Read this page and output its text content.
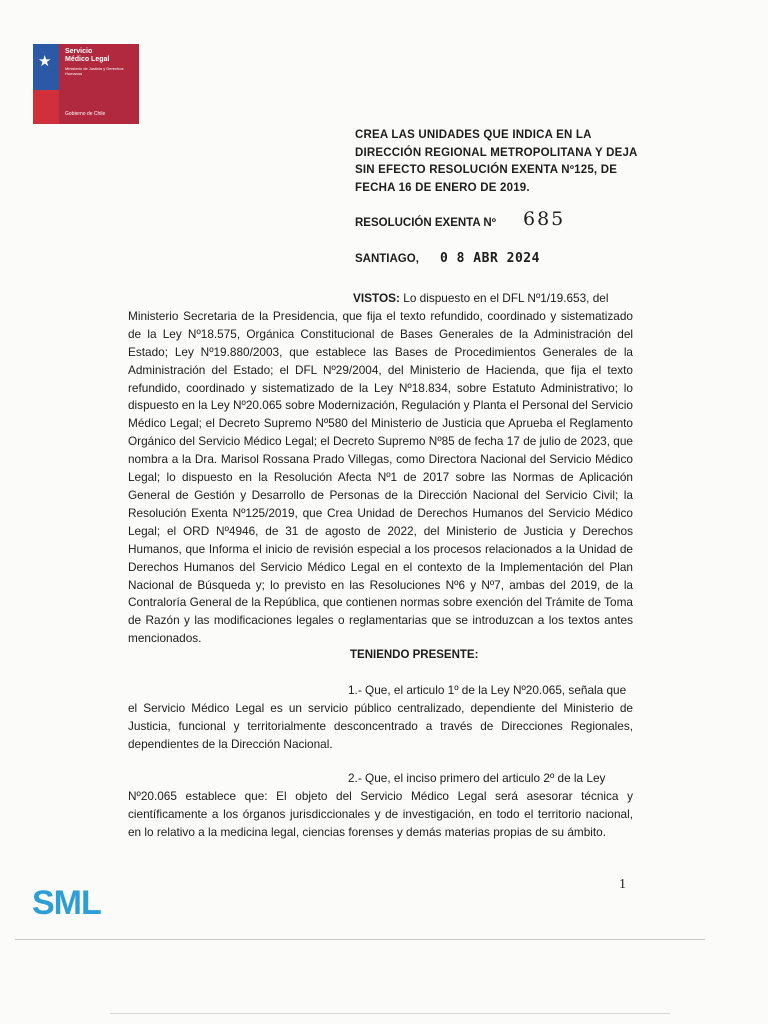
★
Servicio
Médico Legal
Ministerio de Justicia y Derechos Humanos
Gobierno de Chile
CREA LAS UNIDADES QUE INDICA EN LA DIRECCIÓN REGIONAL METROPOLITANA Y DEJA SIN EFECTO RESOLUCIÓN EXENTA Nº125, DE FECHA 16 DE ENERO DE 2019.
RESOLUCIÓN EXENTA Nº 685
SANTIAGO, 0 8 ABR 2024
VISTOS: Lo dispuesto en el DFL Nº1/19.653, del
Ministerio Secretaria de la Presidencia, que fija el texto refundido, coordinado y sistematizado de la Ley Nº18.575, Orgánica Constitucional de Bases Generales de la Administración del Estado; Ley Nº19.880/2003, que establece las Bases de Procedimientos Generales de la Administración del Estado; el DFL Nº29/2004, del Ministerio de Hacienda, que fija el texto refundido, coordinado y sistematizado de la Ley Nº18.834, sobre Estatuto Administrativo; lo dispuesto en la Ley Nº20.065 sobre Modernización, Regulación y Planta el Personal del Servicio Médico Legal; el Decreto Supremo Nº580 del Ministerio de Justicia que Aprueba el Reglamento Orgánico del Servicio Médico Legal; el Decreto Supremo Nº85 de fecha 17 de julio de 2023, que nombra a la Dra. Marisol Rossana Prado Villegas, como Directora Nacional del Servicio Médico Legal; lo dispuesto en la Resolución Afecta Nº1 de 2017 sobre las Normas de Aplicación General de Gestión y Desarrollo de Personas de la Dirección Nacional del Servicio Civil; la Resolución Exenta Nº125/2019, que Crea Unidad de Derechos Humanos del Servicio Médico Legal; el ORD Nº4946, de 31 de agosto de 2022, del Ministerio de Justicia y Derechos Humanos, que Informa el inicio de revisión especial a los procesos relacionados a la Unidad de Derechos Humanos del Servicio Médico Legal en el contexto de la Implementación del Plan Nacional de Búsqueda y; lo previsto en las Resoluciones Nº6 y Nº7, ambas del 2019, de la Contraloría General de la República, que contienen normas sobre exención del Trámite de Toma de Razón y las modificaciones legales o reglamentarias que se introduzcan a los textos antes mencionados.
TENIENDO PRESENTE:
1.- Que, el articulo 1º de la Ley Nº20.065, señala que
el Servicio Médico Legal es un servicio público centralizado, dependiente del Ministerio de Justicia, funcional y territorialmente desconcentrado a través de Direcciones Regionales, dependientes de la Dirección Nacional.
2.- Que, el inciso primero del articulo 2º de la Ley
Nº20.065 establece que: El objeto del Servicio Médico Legal será asesorar técnica y científicamente a los órganos jurisdiccionales y de investigación, en todo el territorio nacional, en lo relativo a la medicina legal, ciencias forenses y demás materias propias de su ámbito.
1
SML
